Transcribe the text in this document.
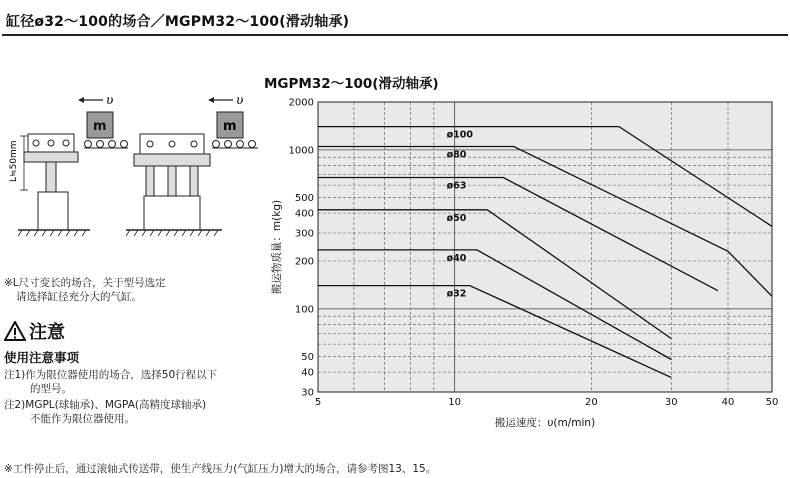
缸径ø32～100的场合／MGPM32～100(滑动轴承)
υ
m
L≒50mm
υ
m
※L尺寸变长的场合，关于型号选定
请选择缸径充分大的气缸。
注意
使用注意事项
注1)作为限位器使用的场合，选择50行程以下
的型号。
注2)MGPL(球轴承)、MGPA(高精度球轴承)
不能作为限位器使用。
※工件停止后，通过滚轴式传送带，使生产线压力(气缸压力)增大的场合，请参考图13、15。
ø100
ø80
ø63
ø50
ø40
ø32
5	10	20	30	40	50
30
40
50
100
200
300
400
500
1000
2000
搬运速度：υ(m/min)
搬运物质量：m(kg)
MGPM32～100(滑动轴承)
